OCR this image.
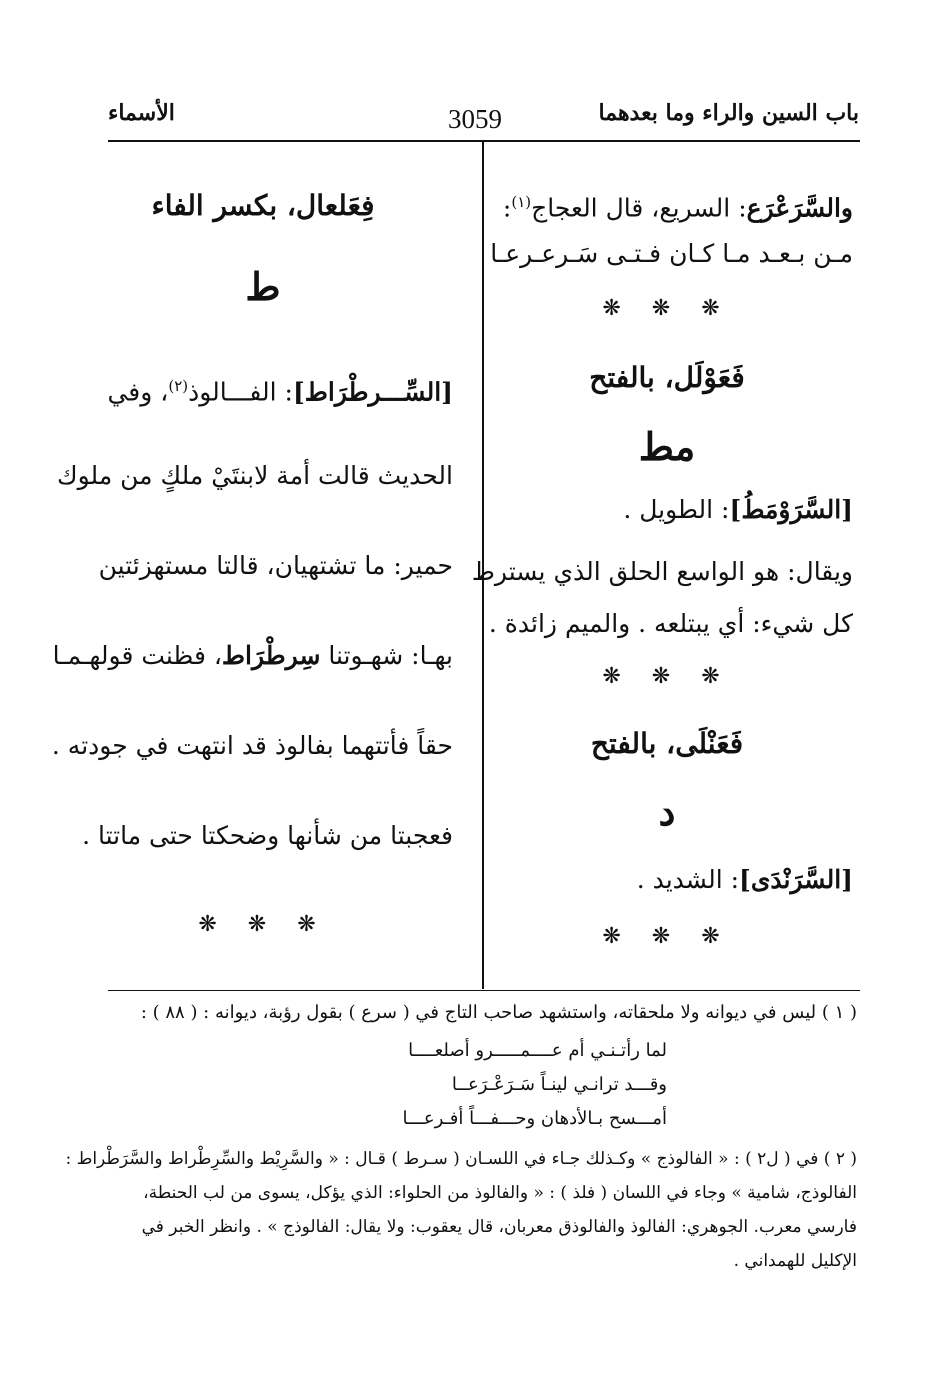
باب السين والراء وما بعدهما
3059
الأسماء
والسَّرَعْرَع: السريع، قال العجاج$^{(١)}$:
مـن بـعـد مـا كـان فـتـى سَـرعـرعـا
❋ ❋ ❋
فَعَوْلَل، بالفتح
مط
[السَّرَوْمَطُ]: الطويل .
ويقال: هو الواسع الحلق الذي يسترط
كل شيء: أي يبتلعه . والميم زائدة .
❋ ❋ ❋
فَعَنْلَى، بالفتح
د
[السَّرَنْدَى]: الشديد .
❋ ❋ ❋
فِعَلعال، بكسر الفاء
ط
[السِّـــرطْرَاط]: الفـــالوذ$^{(٢)}$، وفي
الحديث قالت أمة لابنتَيْ ملكٍ من ملوك
حمير: ما تشتهيان، قالتا مستهزئتين
بهـا: شهـوتنا سِرطْرَاط، فظنت قولهـمـا
حقاً فأتتهما بفالوذ قد انتهت في جودته .
فعجبتا من شأنها وضحكتا حتى ماتتا .
❋ ❋ ❋
( ١ ) ليس في ديوانه ولا ملحقاته، واستشهد صاحب التاج في ( سرع ) بقول رؤبة، ديوانه : ( ٨٨ ) :
لما رأتـنـي أم عــــمـــــرو أصلعــــا
وقـــد ترانـي لينـاً سَـرَعْـرَعــا
أمـــسح بـالأدهان وحـــفـــاً أفـرعـــا
( ٢ ) في ( ل٢ ) : « الفالوذج » وكـذلك جـاء في اللسـان ( سـرط ) قـال : « والسَّرِيْط والسِّرِطْراط والسَّرَطْراط :
الفالوذج، شامية » وجاء في اللسان ( فلذ ) : « والفالوذ من الحلواء: الذي يؤكل، يسوى من لب الحنطة،
فارسي معرب. الجوهري: الفالوذ والفالوذق معربان، قال يعقوب: ولا يقال: الفالوذج » . وانظر الخبر في
الإكليل للهمداني .
